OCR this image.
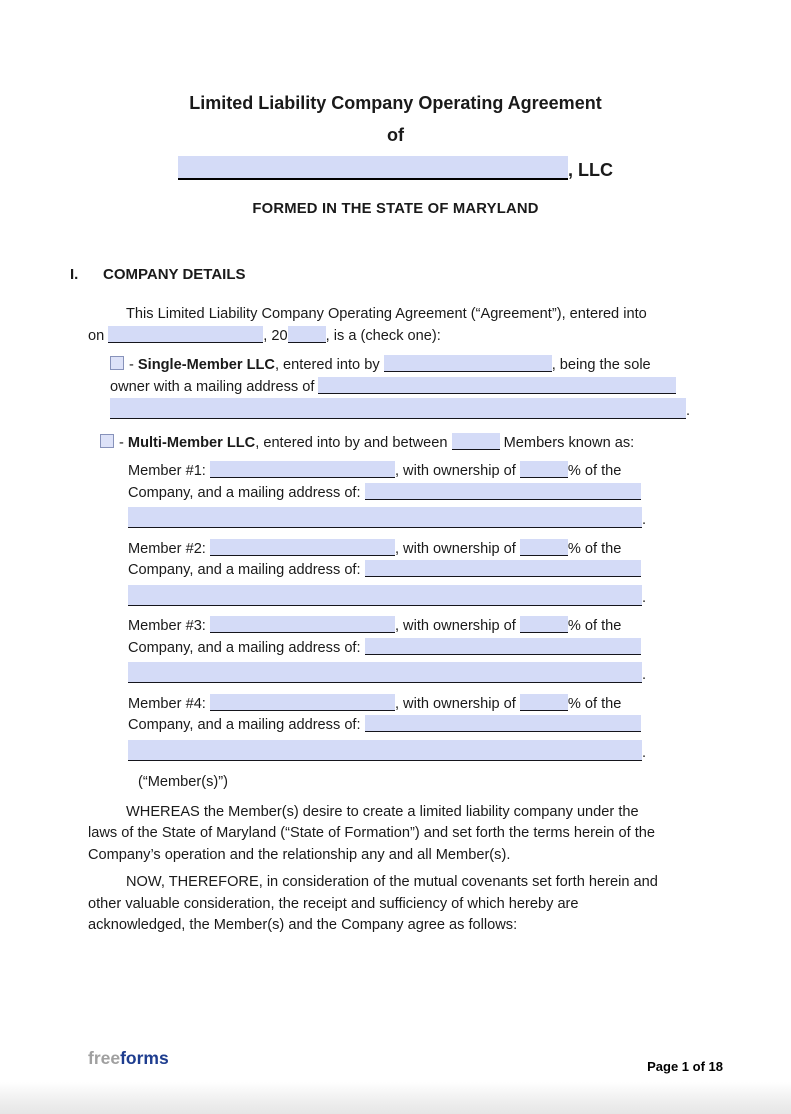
Limited Liability Company Operating Agreement
of
, LLC
FORMED IN THE STATE OF MARYLAND
I. COMPANY DETAILS
This Limited Liability Company Operating Agreement (“Agreement”), entered into
on	, 20	, is a (check one):
- Single-Member LLC, entered into by	, being the sole
owner with a mailing address of
.
- Multi-Member LLC, entered into by and between	Members known as:
Member #1:	, with ownership of	% of the
Company, and a mailing address of:
.
Member #2:	, with ownership of	% of the
Company, and a mailing address of:
.
Member #3:	, with ownership of	% of the
Company, and a mailing address of:
.
Member #4:	, with ownership of	% of the
Company, and a mailing address of:
.
(“Member(s)”)
WHEREAS the Member(s) desire to create a limited liability company under the
laws of the State of Maryland (“State of Formation”) and set forth the terms herein of the
Company’s operation and the relationship any and all Member(s).
NOW, THEREFORE, in consideration of the mutual covenants set forth herein and
other valuable consideration, the receipt and sufficiency of which hereby are
acknowledged, the Member(s) and the Company agree as follows:
freeforms	Page 1 of 18
